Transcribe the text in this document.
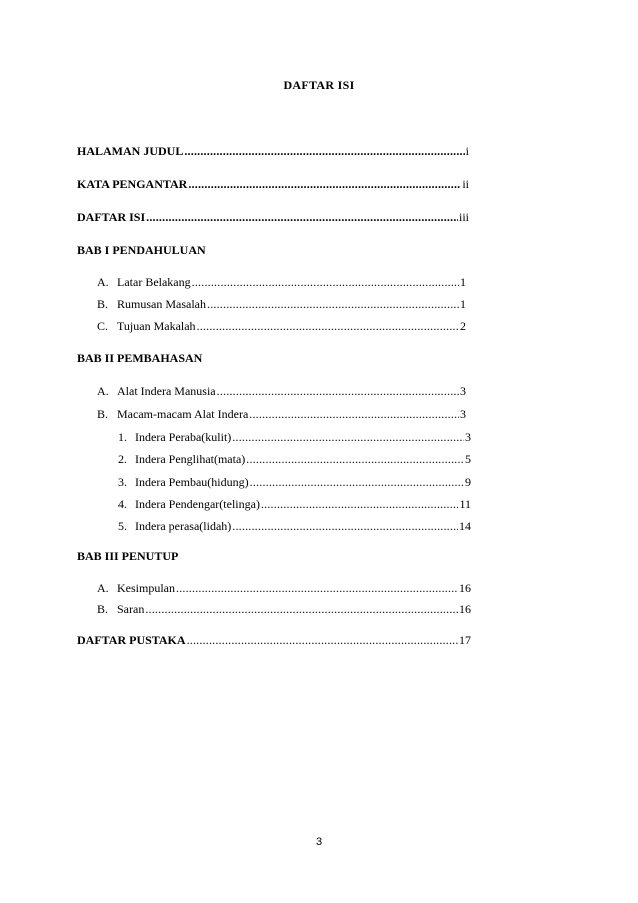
DAFTAR ISI
HALAMAN JUDUL .....	i
KATA PENGANTAR .....	ii
DAFTAR ISI .....	iii
BAB I PENDAHULUAN
A. Latar Belakang .....	1
B. Rumusan Masalah .....	1
C. Tujuan Makalah .....	2
BAB II PEMBAHASAN
A. Alat Indera Manusia .....	3
B. Macam-macam Alat Indera .....	3
1. Indera Peraba(kulit) .....	3
2. Indera Penglihat(mata) .....	5
3. Indera Pembau(hidung) .....	9
4. Indera Pendengar(telinga) .....	11
5. Indera perasa(lidah) .....	14
BAB III PENUTUP
A. Kesimpulan .....	16
B. Saran .....	16
DAFTAR PUSTAKA .....	17
3
